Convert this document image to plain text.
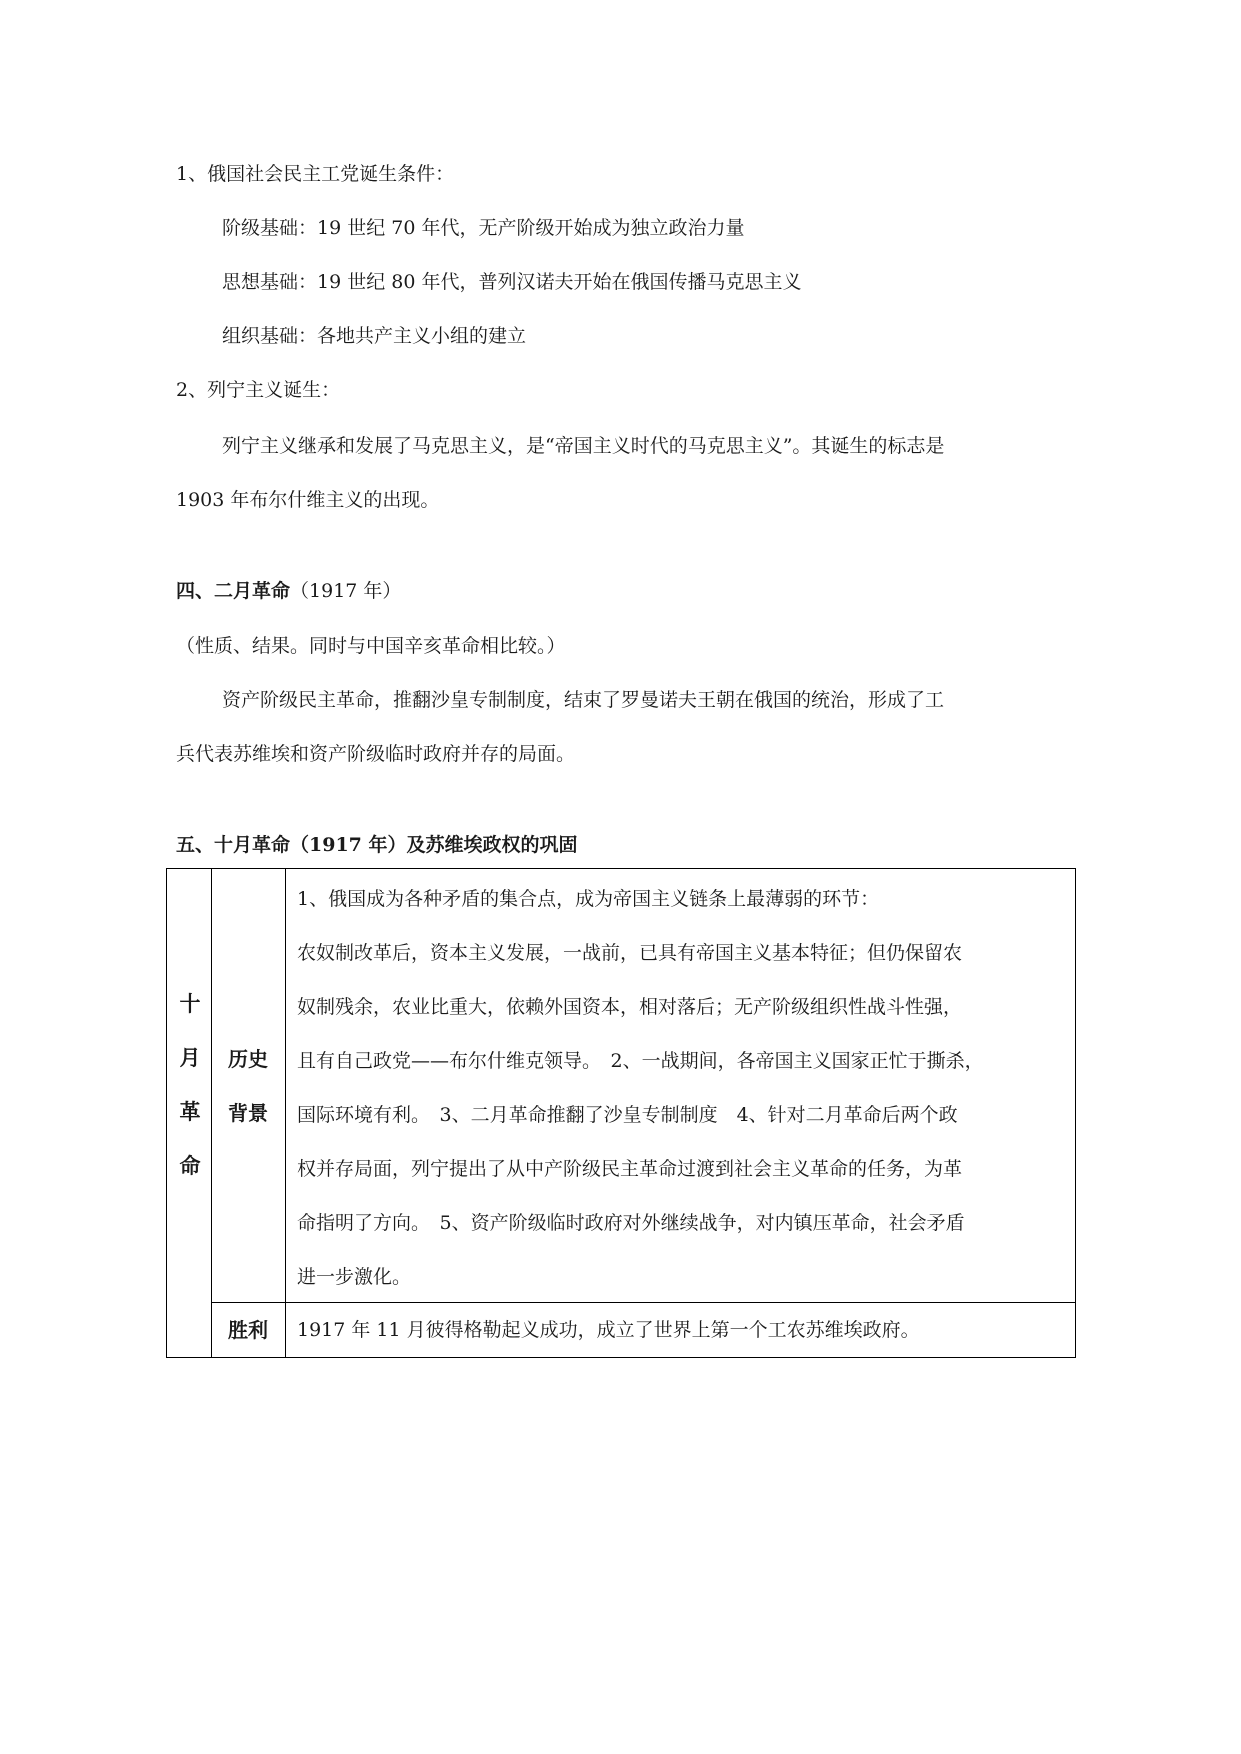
1、俄国社会民主工党诞生条件：
阶级基础：19 世纪 70 年代，无产阶级开始成为独立政治力量
思想基础：19 世纪 80 年代，普列汉诺夫开始在俄国传播马克思主义
组织基础：各地共产主义小组的建立
2、列宁主义诞生：
列宁主义继承和发展了马克思主义，是“帝国主义时代的马克思主义”。其诞生的标志是
1903 年布尔什维主义的出现。
四、二月革命（1917 年）
（性质、结果。同时与中国辛亥革命相比较。）
资产阶级民主革命，推翻沙皇专制制度，结束了罗曼诺夫王朝在俄国的统治，形成了工
兵代表苏维埃和资产阶级临时政府并存的局面。
五、十月革命（1917 年）及苏维埃政权的巩固
十
月
革
命
历史
背景
1、俄国成为各种矛盾的集合点，成为帝国主义链条上最薄弱的环节：
农奴制改革后，资本主义发展，一战前，已具有帝国主义基本特征；但仍保留农
奴制残余，农业比重大，依赖外国资本，相对落后；无产阶级组织性战斗性强，
且有自己政党——布尔什维克领导。　2、一战期间，各帝国主义国家正忙于撕杀，
国际环境有利。　3、二月革命推翻了沙皇专制制度　4、针对二月革命后两个政
权并存局面，列宁提出了从中产阶级民主革命过渡到社会主义革命的任务，为革
命指明了方向。　5、资产阶级临时政府对外继续战争，对内镇压革命，社会矛盾
进一步激化。
胜利	1917 年 11 月彼得格勒起义成功，成立了世界上第一个工农苏维埃政府。
